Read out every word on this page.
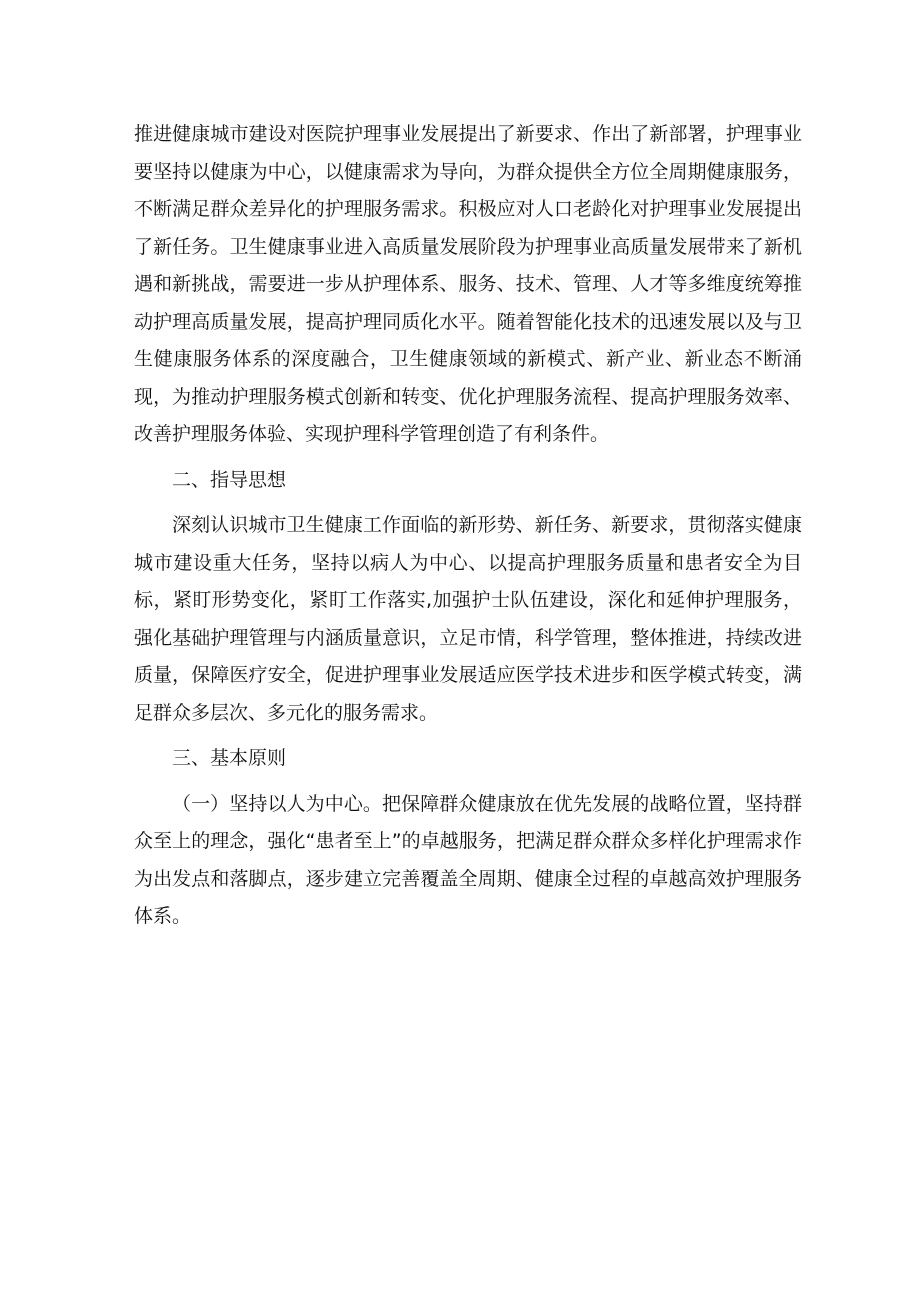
推进健康城市建设对医院护理事业发展提出了新要求、作出了新部署，护理事业要坚持以健康为中心，以健康需求为导向，为群众提供全方位全周期健康服务，不断满足群众差异化的护理服务需求。积极应对人口老龄化对护理事业发展提出了新任务。卫生健康事业进入高质量发展阶段为护理事业高质量发展带来了新机遇和新挑战，需要进一步从护理体系、服务、技术、管理、人才等多维度统筹推动护理高质量发展，提高护理同质化水平。随着智能化技术的迅速发展以及与卫生健康服务体系的深度融合，卫生健康领域的新模式、新产业、新业态不断涌现，为推动护理服务模式创新和转变、优化护理服务流程、提高护理服务效率、改善护理服务体验、实现护理科学管理创造了有利条件。

二、指导思想

深刻认识城市卫生健康工作面临的新形势、新任务、新要求，贯彻落实健康城市建设重大任务，坚持以病人为中心、以提高护理服务质量和患者安全为目标，紧盯形势变化，紧盯工作落实,加强护士队伍建设，深化和延伸护理服务，强化基础护理管理与内涵质量意识，立足市情，科学管理，整体推进，持续改进质量，保障医疗安全，促进护理事业发展适应医学技术进步和医学模式转变，满足群众多层次、多元化的服务需求。

三、基本原则

（一）坚持以人为中心。把保障群众健康放在优先发展的战略位置，坚持群众至上的理念，强化“患者至上”的卓越服务，把满足群众群众多样化护理需求作为出发点和落脚点，逐步建立完善覆盖全周期、健康全过程的卓越高效护理服务体系。
